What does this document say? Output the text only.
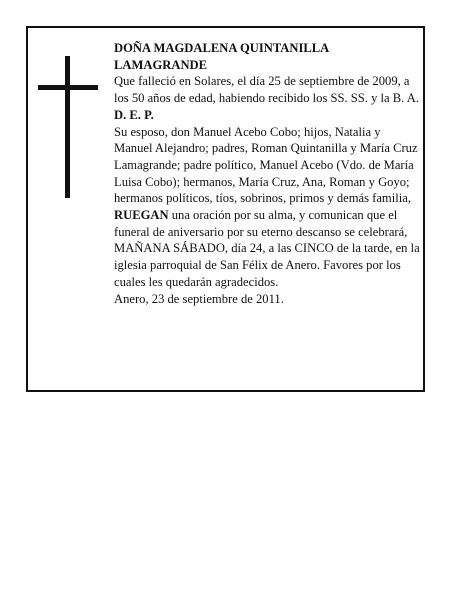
DOÑA MAGDALENA QUINTANILLA LAMAGRANDE

Que falleció en Solares, el día 25 de septiembre de 2009, a los 50 años de edad, habiendo recibido los SS. SS. y la B. A.

D. E. P.

Su esposo, don Manuel Acebo Cobo; hijos, Natalia y Manuel Alejandro; padres, Roman Quintanilla y María Cruz Lamagrande; padre político, Manuel Acebo (Vdo. de María Luisa Cobo); hermanos, María Cruz, Ana, Roman y Goyo; hermanos políticos, tíos, sobrinos, primos y demás familia,

RUEGAN una oración por su alma, y comunican que el funeral de aniversario por su eterno descanso se celebrará, MAÑANA SÁBADO, día 24, a las CINCO de la tarde, en la iglesia parroquial de San Félix de Anero. Favores por los cuales les quedarán agradecidos.

Anero, 23 de septiembre de 2011.
